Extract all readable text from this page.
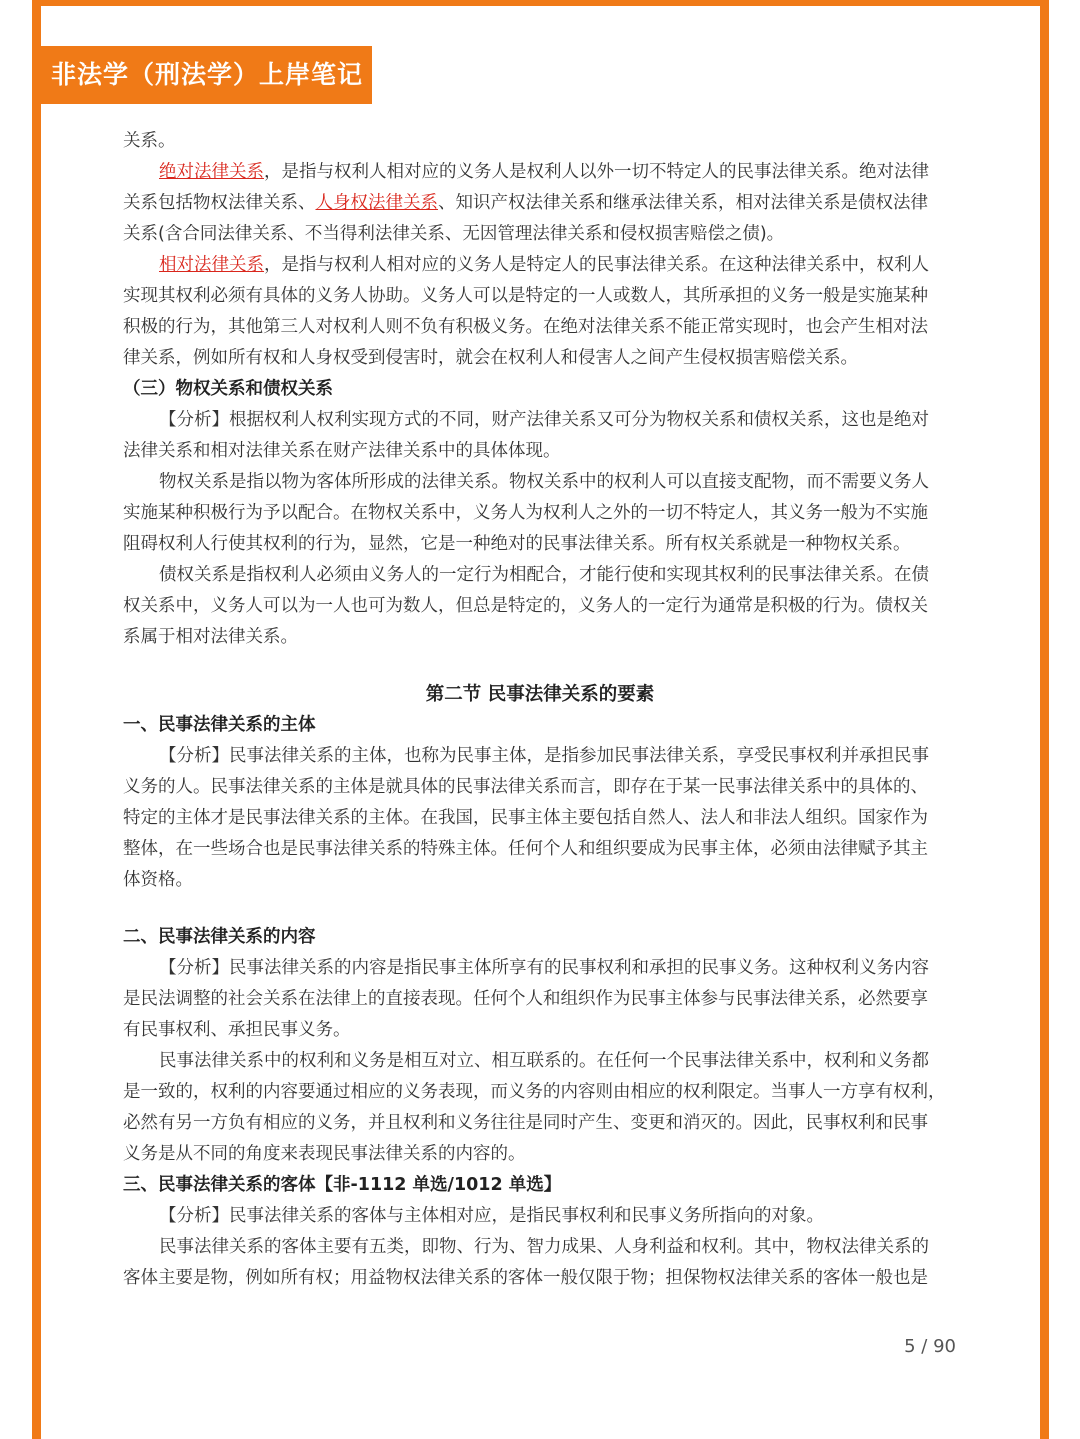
非法学（刑法学）上岸笔记
关系。
绝对法律关系，是指与权利人相对应的义务人是权利人以外一切不特定人的民事法律关系。绝对法律
关系包括物权法律关系、人身权法律关系、知识产权法律关系和继承法律关系，相对法律关系是债权法律
关系(含合同法律关系、不当得利法律关系、无因管理法律关系和侵权损害赔偿之债)。
相对法律关系，是指与权利人相对应的义务人是特定人的民事法律关系。在这种法律关系中，权利人
实现其权利必须有具体的义务人协助。义务人可以是特定的一人或数人，其所承担的义务一般是实施某种
积极的行为，其他第三人对权利人则不负有积极义务。在绝对法律关系不能正常实现时，也会产生相对法
律关系，例如所有权和人身权受到侵害时，就会在权利人和侵害人之间产生侵权损害赔偿关系。
（三）物权关系和债权关系
【分析】根据权利人权利实现方式的不同，财产法律关系又可分为物权关系和债权关系，这也是绝对
法律关系和相对法律关系在财产法律关系中的具体体现。
物权关系是指以物为客体所形成的法律关系。物权关系中的权利人可以直接支配物，而不需要义务人
实施某种积极行为予以配合。在物权关系中，义务人为权利人之外的一切不特定人，其义务一般为不实施
阻碍权利人行使其权利的行为，显然，它是一种绝对的民事法律关系。所有权关系就是一种物权关系。
债权关系是指权利人必须由义务人的一定行为相配合，才能行使和实现其权利的民事法律关系。在债
权关系中，义务人可以为一人也可为数人，但总是特定的，义务人的一定行为通常是积极的行为。债权关
系属于相对法律关系。
第二节 民事法律关系的要素
一、民事法律关系的主体
【分析】民事法律关系的主体，也称为民事主体，是指参加民事法律关系，享受民事权利并承担民事
义务的人。民事法律关系的主体是就具体的民事法律关系而言，即存在于某一民事法律关系中的具体的、
特定的主体才是民事法律关系的主体。在我国，民事主体主要包括自然人、法人和非法人组织。国家作为
整体，在一些场合也是民事法律关系的特殊主体。任何个人和组织要成为民事主体，必须由法律赋予其主
体资格。
二、民事法律关系的内容
【分析】民事法律关系的内容是指民事主体所享有的民事权利和承担的民事义务。这种权利义务内容
是民法调整的社会关系在法律上的直接表现。任何个人和组织作为民事主体参与民事法律关系，必然要享
有民事权利、承担民事义务。
民事法律关系中的权利和义务是相互对立、相互联系的。在任何一个民事法律关系中，权利和义务都
是一致的，权利的内容要通过相应的义务表现，而义务的内容则由相应的权利限定。当事人一方享有权利，
必然有另一方负有相应的义务，并且权利和义务往往是同时产生、变更和消灭的。因此，民事权利和民事
义务是从不同的角度来表现民事法律关系的内容的。
三、民事法律关系的客体【非-1112 单选/1012 单选】
【分析】民事法律关系的客体与主体相对应，是指民事权利和民事义务所指向的对象。
民事法律关系的客体主要有五类，即物、行为、智力成果、人身利益和权利。其中，物权法律关系的
客体主要是物，例如所有权；用益物权法律关系的客体一般仅限于物；担保物权法律关系的客体一般也是
5 / 90
